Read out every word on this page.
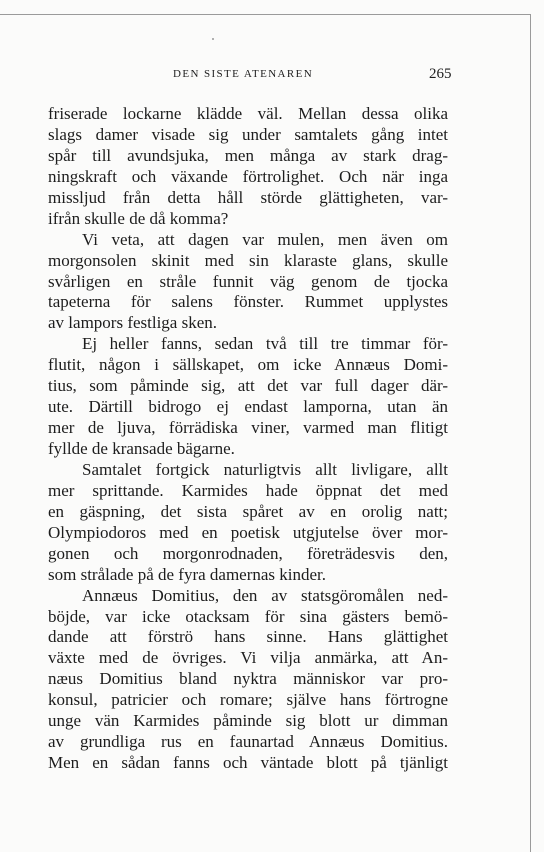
DEN SISTE ATENAREN	265
friserade lockarne klädde väl. Mellan dessa olika
slags damer visade sig under samtalets gång intet
spår till avundsjuka, men många av stark drag-
ningskraft och växande förtrolighet. Och när inga
missljud från detta håll störde glättigheten, var-
ifrån skulle de då komma?
Vi veta, att dagen var mulen, men även om
morgonsolen skinit med sin klaraste glans, skulle
svårligen en stråle funnit väg genom de tjocka
tapeterna för salens fönster. Rummet upplystes
av lampors festliga sken.
Ej heller fanns, sedan två till tre timmar för-
flutit, någon i sällskapet, om icke Annæus Domi-
tius, som påminde sig, att det var full dager där-
ute. Därtill bidrogo ej endast lamporna, utan än
mer de ljuva, förrädiska viner, varmed man flitigt
fyllde de kransade bägarne.
Samtalet fortgick naturligtvis allt livligare, allt
mer sprittande. Karmides hade öppnat det med
en gäspning, det sista spåret av en orolig natt;
Olympiodoros med en poetisk utgjutelse över mor-
gonen och morgonrodnaden, företrädesvis den,
som strålade på de fyra damernas kinder.
Annæus Domitius, den av statsgöromålen ned-
böjde, var icke otacksam för sina gästers bemö-
dande att förströ hans sinne. Hans glättighet
växte med de övriges. Vi vilja anmärka, att An-
næus Domitius bland nyktra människor var pro-
konsul, patricier och romare; själve hans förtrogne
unge vän Karmides påminde sig blott ur dimman
av grundliga rus en faunartad Annæus Domitius.
Men en sådan fanns och väntade blott på tjänligt
